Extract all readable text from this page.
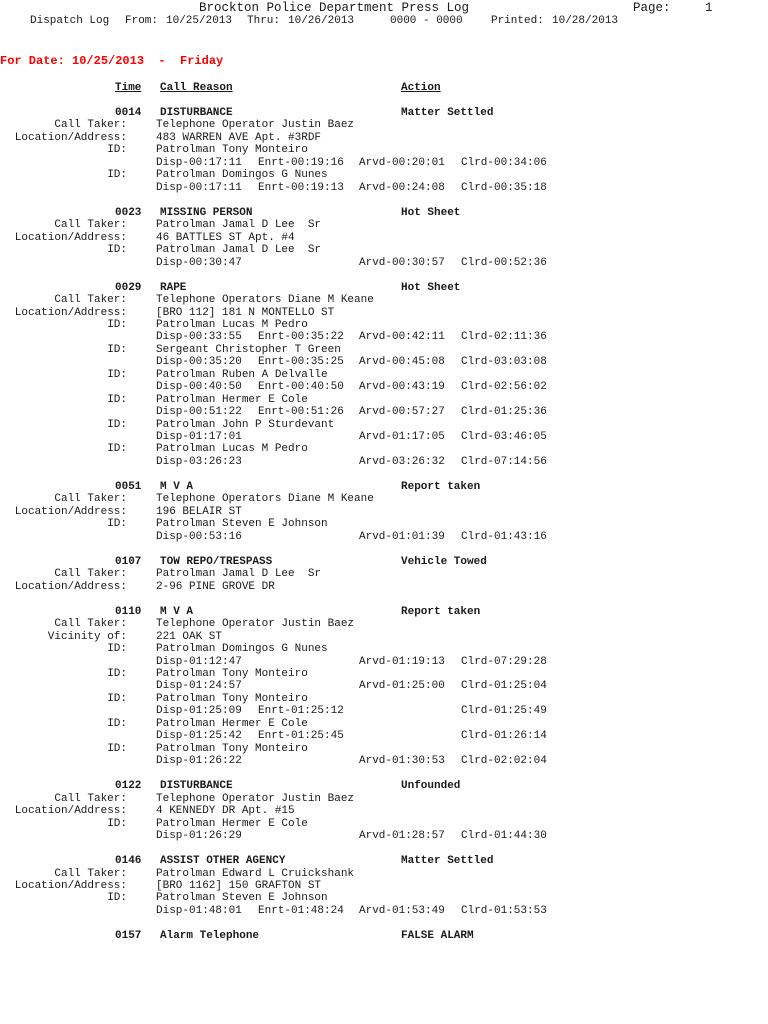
Brockton Police Department Press Log	Page:	1
Dispatch Log From: 10/25/2013 Thru: 10/26/2013	0000 - 0000	Printed: 10/28/2013
For Date: 10/25/2013  -  Friday
Time Call Reason	Action
0014 DISTURBANCE	Matter Settled
Call Taker:	Telephone Operator Justin Baez
Location/Address:	483 WARREN AVE Apt. #3RDF
ID:	Patrolman Tony Monteiro
Disp-00:17:11 Enrt-00:19:16 Arvd-00:20:01 Clrd-00:34:06
ID:	Patrolman Domingos G Nunes
Disp-00:17:11 Enrt-00:19:13 Arvd-00:24:08 Clrd-00:35:18
0023 MISSING PERSON	Hot Sheet
Call Taker:	Patrolman Jamal D Lee  Sr
Location/Address:	46 BATTLES ST Apt. #4
ID:	Patrolman Jamal D Lee  Sr
Disp-00:30:47	Arvd-00:30:57 Clrd-00:52:36
0029 RAPE	Hot Sheet
Call Taker:	Telephone Operators Diane M Keane
Location/Address:	[BRO 112] 181 N MONTELLO ST
ID:	Patrolman Lucas M Pedro
Disp-00:33:55 Enrt-00:35:22 Arvd-00:42:11 Clrd-02:11:36
ID:	Sergeant Christopher T Green
Disp-00:35:20 Enrt-00:35:25 Arvd-00:45:08 Clrd-03:03:08
ID:	Patrolman Ruben A Delvalle
Disp-00:40:50 Enrt-00:40:50 Arvd-00:43:19 Clrd-02:56:02
ID:	Patrolman Hermer E Cole
Disp-00:51:22 Enrt-00:51:26 Arvd-00:57:27 Clrd-01:25:36
ID:	Patrolman John P Sturdevant
Disp-01:17:01	Arvd-01:17:05 Clrd-03:46:05
ID:	Patrolman Lucas M Pedro
Disp-03:26:23	Arvd-03:26:32 Clrd-07:14:56
0051 M V A	Report taken
Call Taker:	Telephone Operators Diane M Keane
Location/Address:	196 BELAIR ST
ID:	Patrolman Steven E Johnson
Disp-00:53:16	Arvd-01:01:39 Clrd-01:43:16
0107 TOW REPO/TRESPASS	Vehicle Towed
Call Taker:	Patrolman Jamal D Lee  Sr
Location/Address:	2-96 PINE GROVE DR
0110 M V A	Report taken
Call Taker:	Telephone Operator Justin Baez
Vicinity of:	221 OAK ST
ID:	Patrolman Domingos G Nunes
Disp-01:12:47	Arvd-01:19:13 Clrd-07:29:28
ID:	Patrolman Tony Monteiro
Disp-01:24:57	Arvd-01:25:00 Clrd-01:25:04
ID:	Patrolman Tony Monteiro
Disp-01:25:09 Enrt-01:25:12	Clrd-01:25:49
ID:	Patrolman Hermer E Cole
Disp-01:25:42 Enrt-01:25:45	Clrd-01:26:14
ID:	Patrolman Tony Monteiro
Disp-01:26:22	Arvd-01:30:53 Clrd-02:02:04
0122 DISTURBANCE	Unfounded
Call Taker:	Telephone Operator Justin Baez
Location/Address:	4 KENNEDY DR Apt. #15
ID:	Patrolman Hermer E Cole
Disp-01:26:29	Arvd-01:28:57 Clrd-01:44:30
0146 ASSIST OTHER AGENCY	Matter Settled
Call Taker:	Patrolman Edward L Cruickshank
Location/Address:	[BRO 1162] 150 GRAFTON ST
ID:	Patrolman Steven E Johnson
Disp-01:48:01 Enrt-01:48:24 Arvd-01:53:49 Clrd-01:53:53
0157 Alarm Telephone	FALSE ALARM
